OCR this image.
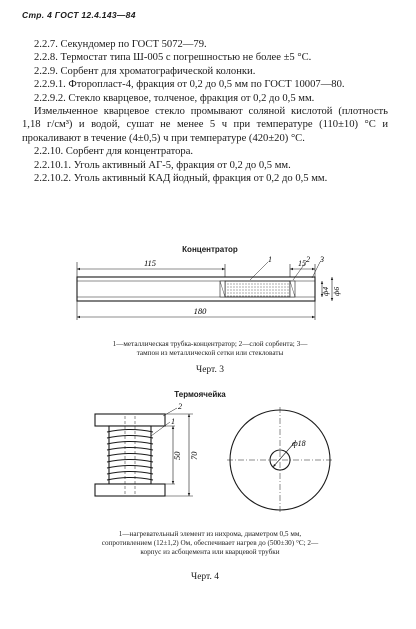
Стр. 4 ГОСТ 12.4.143—84

2.2.7. Секундомер по ГОСТ 5072—79.

2.2.8. Термостат типа Ш-005 с погрешностью не более ±5 °С.

2.2.9. Сорбент для хроматографической колонки.

2.2.9.1. Фторопласт-4, фракция от 0,2 до 0,5 мм по ГОСТ 10007—80.

2.2.9.2. Стекло кварцевое, толченое, фракция от 0,2 до 0,5 мм.

Измельченное кварцевое стекло промывают соляной кислотой (плотность 1,18 г/см³) и водой, сушат не менее 5 ч при температуре (110±10) °С и прокаливают в течение (4±0,5) ч при температуре (420±20) °С.

2.2.10. Сорбент для концентратора.

2.2.10.1. Уголь активный АГ-5, фракция от 0,2 до 0,5 мм.

2.2.10.2. Уголь активный КАД йодный, фракция от 0,2 до 0,5 мм.

Концентратор
115	15
1	2 3
ф4 ф6
180
1—металлическая трубка-концентратор; 2—слой сорбента; 3—тампон из металлической сетки или стекловаты
Черт. 3
Термоячейка
1
2
50 70
ф18
1—нагревательный элемент из нихрома, диаметром 0,5 мм, сопротивлением (12±1,2) Ом, обеспечивает нагрев до (500±30) °С; 2—корпус из асбоцемента или кварцевой трубки
Черт. 4
